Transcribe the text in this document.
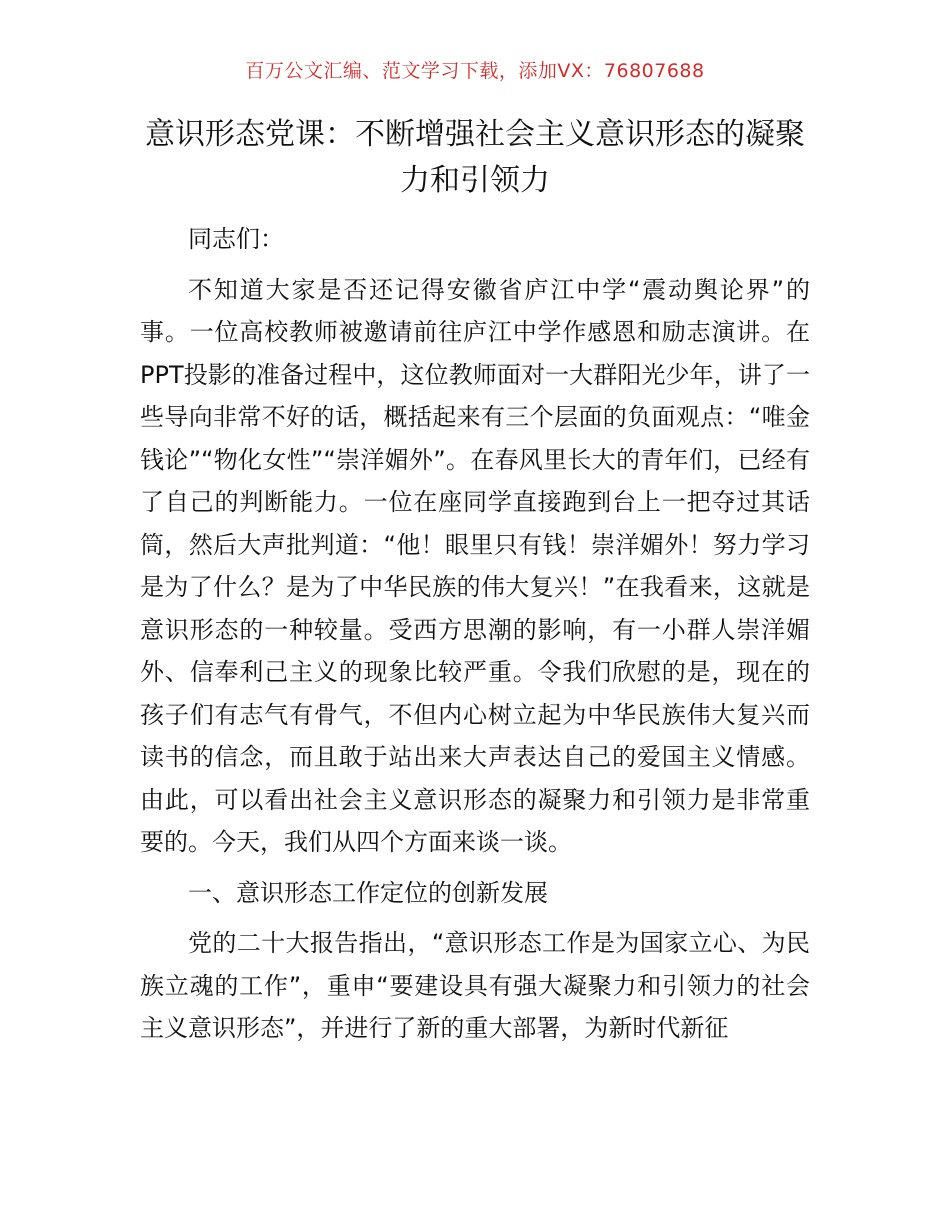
百万公文汇编、范文学习下载，添加VX：76807688
意识形态党课：不断增强社会主义意识形态的凝聚力和引领力

同志们：

不知道大家是否还记得安徽省庐江中学“震动舆论界”的事。一位高校教师被邀请前往庐江中学作感恩和励志演讲。在PPT投影的准备过程中，这位教师面对一大群阳光少年，讲了一些导向非常不好的话，概括起来有三个层面的负面观点：“唯金钱论”“物化女性”“崇洋媚外”。在春风里长大的青年们，已经有了自己的判断能力。一位在座同学直接跑到台上一把夺过其话筒，然后大声批判道：“他！眼里只有钱！崇洋媚外！努力学习是为了什么？是为了中华民族的伟大复兴！”在我看来，这就是意识形态的一种较量。受西方思潮的影响，有一小群人崇洋媚外、信奉利己主义的现象比较严重。令我们欣慰的是，现在的孩子们有志气有骨气，不但内心树立起为中华民族伟大复兴而读书的信念，而且敢于站出来大声表达自己的爱国主义情感。由此，可以看出社会主义意识形态的凝聚力和引领力是非常重要的。今天，我们从四个方面来谈一谈。

一、意识形态工作定位的创新发展

党的二十大报告指出，“意识形态工作是为国家立心、为民族立魂的工作”，重申“要建设具有强大凝聚力和引领力的社会主义意识形态”，并进行了新的重大部署，为新时代新征
